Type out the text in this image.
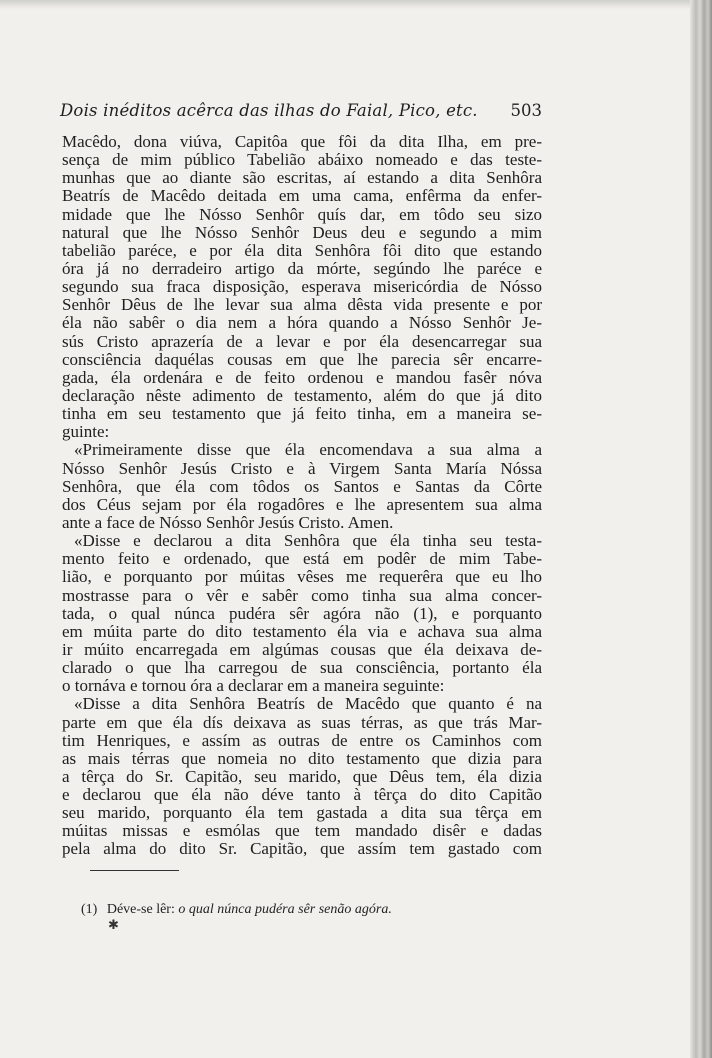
Dois inéditos acêrca das ilhas do Faial, Pico, etc. 503
Macêdo, dona viúva, Capitôa que fôi da dita Ilha, em pre-
sença de mim público Tabelião abáixo nomeado e das teste-
munhas que ao diante são escritas, aí estando a dita Senhôra
Beatrís de Macêdo deitada em uma cama, enfêrma da enfer-
midade que lhe Nósso Senhôr quís dar, em tôdo seu sizo
natural que lhe Nósso Senhôr Deus deu e segundo a mim
tabelião paréce, e por éla dita Senhôra fôi dito que estando
óra já no derradeiro artigo da mórte, segúndo lhe paréce e
segundo sua fraca disposição, esperava misericórdia de Nósso
Senhôr Dêus de lhe levar sua alma dêsta vida presente e por
éla não sabêr o dia nem a hóra quando a Nósso Senhôr Je-
sús Cristo aprazería de a levar e por éla desencarregar sua
consciência daquélas cousas em que lhe parecia sêr encarre-
gada, éla ordenára e de feito ordenou e mandou fasêr nóva
declaração nêste adimento de testamento, além do que já dito
tinha em seu testamento que já feito tinha, em a maneira se-
guinte:
«Primeiramente disse que éla encomendava a sua alma a
Nósso Senhôr Jesús Cristo e à Virgem Santa María Nóssa
Senhôra, que éla com tôdos os Santos e Santas da Côrte
dos Céus sejam por éla rogadôres e lhe apresentem sua alma
ante a face de Nósso Senhôr Jesús Cristo. Amen.
«Disse e declarou a dita Senhôra que éla tinha seu testa-
mento feito e ordenado, que está em podêr de mim Tabe-
lião, e porquanto por múitas vêses me requerêra que eu lho
mostrasse para o vêr e sabêr como tinha sua alma concer-
tada, o qual núnca pudéra sêr agóra não (1), e porquanto
em múita parte do dito testamento éla via e achava sua alma
ir múito encarregada em algúmas cousas que éla deixava de-
clarado o que lha carregou de sua consciência, portanto éla
o tornáva e tornou óra a declarar em a maneira seguinte:
«Disse a dita Senhôra Beatrís de Macêdo que quanto é na
parte em que éla dís deixava as suas térras, as que trás Mar-
tim Henriques, e assím as outras de entre os Caminhos com
as mais térras que nomeia no dito testamento que dizia para
a têrça do Sr. Capitão, seu marido, que Dêus tem, éla dizia
e declarou que éla não déve tanto à têrça do dito Capitão
seu marido, porquanto éla tem gastada a dita sua têrça em
múitas missas e esmólas que tem mandado disêr e dadas
pela alma do dito Sr. Capitão, que assím tem gastado com
(1) Déve-se lêr: o qual núnca pudéra sêr senão agóra.
✱
